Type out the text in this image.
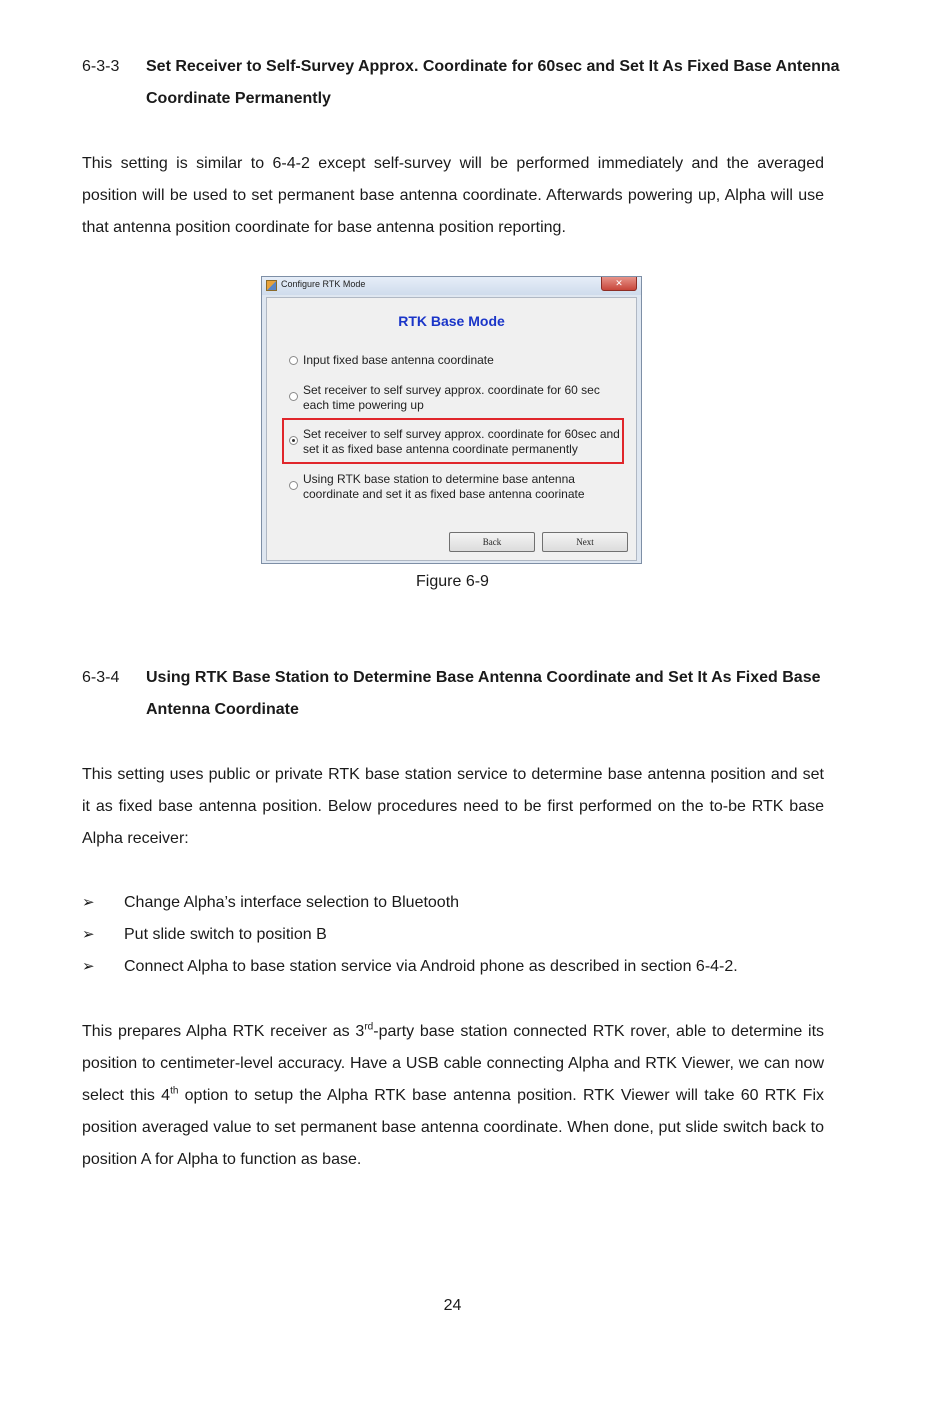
6-3-3 Set Receiver to Self-Survey Approx. Coordinate for 60sec and Set It As Fixed Base Antenna Coordinate Permanently

This setting is similar to 6-4-2 except self-survey will be performed immediately and the averaged position will be used to set permanent base antenna coordinate. Afterwards powering up, Alpha will use that antenna position coordinate for base antenna position reporting.

Configure RTK Mode	✕
RTK Base Mode
Input fixed base antenna coordinate
Set receiver to self survey approx. coordinate for 60 sec each time powering up
Set receiver to self survey approx. coordinate for 60sec and set it as fixed base antenna coordinate permanently
Using RTK base station to determine base antenna coordinate and set it as fixed base antenna coorinate
Back	Next
Figure 6-9
6-3-4 Using RTK Base Station to Determine Base Antenna Coordinate and Set It As Fixed Base Antenna Coordinate

This setting uses public or private RTK base station service to determine base antenna position and set it as fixed base antenna position. Below procedures need to be first performed on the to-be RTK base Alpha receiver:

➢ Change Alpha’s interface selection to Bluetooth
➢ Put slide switch to position B
➢ Connect Alpha to base station service via Android phone as described in section 6-4-2.

This prepares Alpha RTK receiver as 3rd-party base station connected RTK rover, able to determine its position to centimeter-level accuracy. Have a USB cable connecting Alpha and RTK Viewer, we can now select this 4th option to setup the Alpha RTK base antenna position. RTK Viewer will take 60 RTK Fix position averaged value to set permanent base antenna coordinate. When done, put slide switch back to position A for Alpha to function as base.

24
